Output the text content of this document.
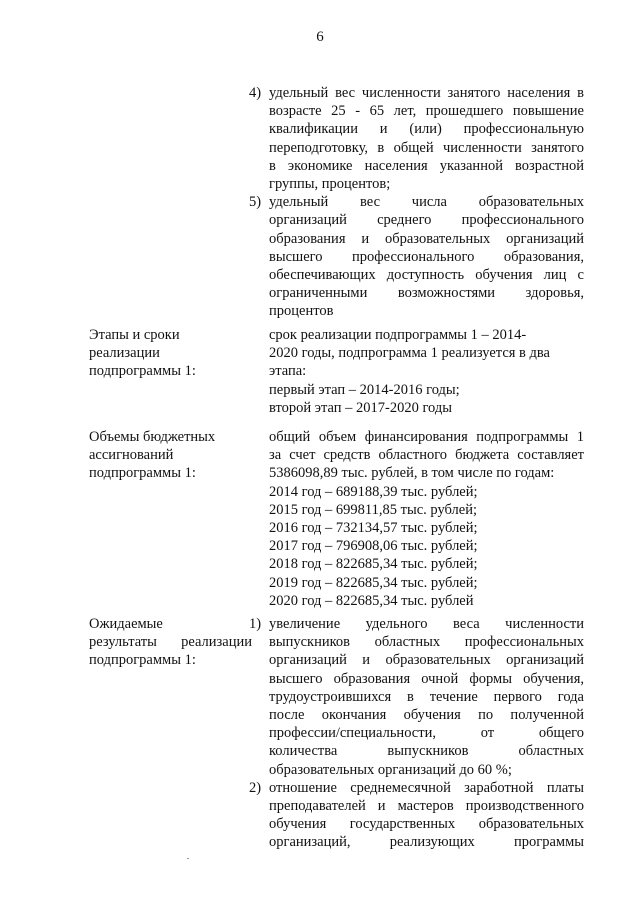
6
4) удельный вес численности занятого населения в
возрасте 25 - 65 лет, прошедшего повышение
квалификации и (или) профессиональную
переподготовку, в общей численности занятого
в экономике населения указанной возрастной
группы, процентов;
5) удельный вес числа образовательных
организаций среднего профессионального
образования и образовательных организаций
высшего профессионального образования,
обеспечивающих доступность обучения лиц с
ограниченными возможностями здоровья,
процентов
Этапы и сроки
реализации
подпрограммы 1:
срок реализации подпрограммы 1 – 2014-
2020 годы, подпрограмма 1 реализуется в два
этапа:
первый этап – 2014-2016 годы;
второй этап – 2017-2020 годы
Объемы бюджетных
ассигнований
подпрограммы 1:
общий объем финансирования подпрограммы 1
за счет средств областного бюджета составляет
5386098,89 тыс. рублей, в том числе по годам:
2014 год – 689188,39 тыс. рублей;
2015 год – 699811,85 тыс. рублей;
2016 год – 732134,57 тыс. рублей;
2017 год – 796908,06 тыс. рублей;
2018 год – 822685,34 тыс. рублей;
2019 год – 822685,34 тыс. рублей;
2020 год – 822685,34 тыс. рублей
Ожидаемые
результаты реализации
подпрограммы 1:
1) увеличение удельного веса численности
выпускников областных профессиональных
организаций и образовательных организаций
высшего образования очной формы обучения,
трудоустроившихся в течение первого года
после окончания обучения по полученной
профессии/специальности, от общего
количества выпускников областных
образовательных организаций до 60 %;
2) отношение среднемесячной заработной платы
преподавателей и мастеров производственного
обучения государственных образовательных
организаций, реализующих программы
